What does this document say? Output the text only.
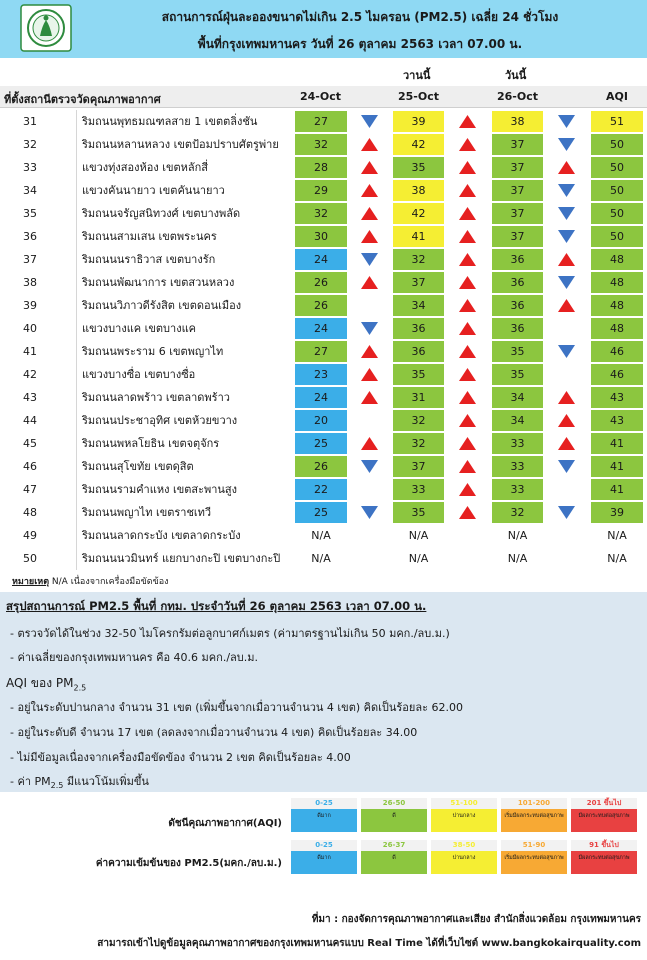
สถานการณ์ฝุ่นละอองขนาดไม่เกิน 2.5 ไมครอน (PM2.5) เฉลี่ย 24 ชั่วโมง
พื้นที่กรุงเทพมหานคร วันที่ 26 ตุลาคม 2563 เวลา 07.00 น.
วานนี้	วันนี้
ที่ตั้งสถานีตรวจวัดคุณภาพอากาศ	24-Oct	25-Oct	26-Oct	AQI
31	ริมถนนพุทธมณฑลสาย 1 เขตตลิ่งชัน	27	39	38	51
32	ริมถนนหลานหลวง เขตป้อมปราบศัตรูพ่าย	32	42	37	50
33	แขวงทุ่งสองห้อง เขตหลักสี่	28	35	37	50
34	แขวงคันนายาว เขตคันนายาว	29	38	37	50
35	ริมถนนจรัญสนิทวงศ์ เขตบางพลัด	32	42	37	50
36	ริมถนนสามเสน เขตพระนคร	30	41	37	50
37	ริมถนนนราธิวาส เขตบางรัก	24	32	36	48
38	ริมถนนพัฒนาการ เขตสวนหลวง	26	37	36	48
39	ริมถนนวิภาวดีรังสิต เขตดอนเมือง	26	34	36	48
40	แขวงบางแค เขตบางแค	24	36	36	48
41	ริมถนนพระราม 6 เขตพญาไท	27	36	35	46
42	แขวงบางซื่อ เขตบางซื่อ	23	35	35	46
43	ริมถนนลาดพร้าว เขตลาดพร้าว	24	31	34	43
44	ริมถนนประชาอุทิศ เขตห้วยขวาง	20	32	34	43
45	ริมถนนพหลโยธิน เขตจตุจักร	25	32	33	41
46	ริมถนนสุโขทัย เขตดุสิต	26	37	33	41
47	ริมถนนรามคำแหง เขตสะพานสูง	22	33	33	41
48	ริมถนนพญาไท เขตราชเทวี	25	35	32	39
49	ริมถนนลาดกระบัง เขตลาดกระบัง	N/A	N/A	N/A	N/A
50	ริมถนนนวมินทร์ แยกบางกะปิ เขตบางกะปิ	N/A	N/A	N/A	N/A
หมายเหตุ N/A เนื่องจากเครื่องมือขัดข้อง
สรุปสถานการณ์ PM2.5 พื้นที่ กทม. ประจำวันที่ 26 ตุลาคม 2563 เวลา 07.00 น.
- ตรวจวัดได้ในช่วง 32-50 ไมโครกรัมต่อลูกบาศก์เมตร (ค่ามาตรฐานไม่เกิน 50 มคก./ลบ.ม.)
- ค่าเฉลี่ยของกรุงเทพมหานคร คือ 40.6 มคก./ลบ.ม.
AQI ของ $PM_{2.5}$
- อยู่ในระดับปานกลาง จำนวน 31 เขต (เพิ่มขึ้นจากเมื่อวานจำนวน 4 เขต) คิดเป็นร้อยละ 62.00
- อยู่ในระดับดี จำนวน 17 เขต (ลดลงจากเมื่อวานจำนวน 4 เขต) คิดเป็นร้อยละ 34.00
- ไม่มีข้อมูลเนื่องจากเครื่องมือขัดข้อง จำนวน 2 เขต คิดเป็นร้อยละ 4.00
- ค่า $PM_{2.5}$ มีแนวโน้มเพิ่มขึ้น
ดัชนีคุณภาพอากาศ(AQI)
0-25
ดีมาก
26-50
ดี
51-100
ปานกลาง
101-200
เริ่มมีผลกระทบต่อสุขภาพ
201 ขึ้นไป
มีผลกระทบต่อสุขภาพ
ค่าความเข้มข้นของ PM2.5(มคก./ลบ.ม.)
0-25
ดีมาก
26-37
ดี
38-50
ปานกลาง
51-90
เริ่มมีผลกระทบต่อสุขภาพ
91 ขึ้นไป
มีผลกระทบต่อสุขภาพ
ที่มา : กองจัดการคุณภาพอากาศและเสียง สำนักสิ่งแวดล้อม กรุงเทพมหานคร
สามารถเข้าไปดูข้อมูลคุณภาพอากาศของกรุงเทพมหานครแบบ Real Time ได้ที่เว็บไซต์ www.bangkokairquality.com
